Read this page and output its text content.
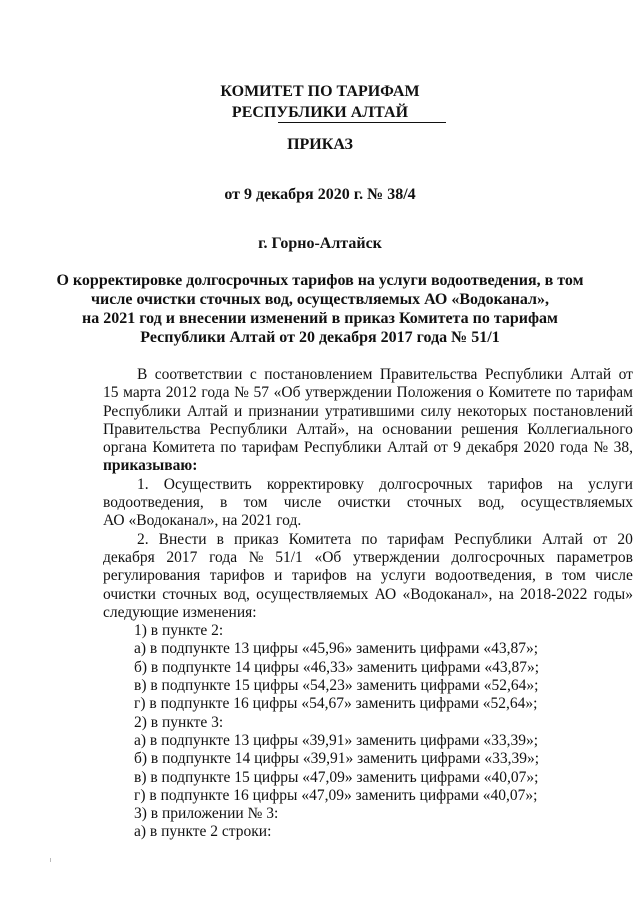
КОМИТЕТ ПО ТАРИФАМ
РЕСПУБЛИКИ АЛТАЙ
ПРИКАЗ
от 9 декабря 2020 г. № 38/4
г. Горно-Алтайск
О корректировке долгосрочных тарифов на услуги водоотведения, в том
числе очистки сточных вод, осуществляемых АО «Водоканал»,
на 2021 год и внесении изменений в приказ Комитета по тарифам
Республики Алтай от 20 декабря 2017 года № 51/1
В соответствии с постановлением Правительства Республики Алтай от
15 марта 2012 года № 57 «Об утверждении Положения о Комитете по тарифам
Республики Алтай и признании утратившими силу некоторых постановлений
Правительства Республики Алтай», на основании решения Коллегиального
органа Комитета по тарифам Республики Алтай от 9 декабря 2020 года № 38,
приказываю:
1. Осуществить корректировку долгосрочных тарифов на услуги
водоотведения, в том числе очистки сточных вод, осуществляемых
АО «Водоканал», на 2021 год.
2. Внести в приказ Комитета по тарифам Республики Алтай от 20
декабря 2017 года № 51/1 «Об утверждении долгосрочных параметров
регулирования тарифов и тарифов на услуги водоотведения, в том числе
очистки сточных вод, осуществляемых АО «Водоканал», на 2018-2022 годы»
следующие изменения:
1) в пункте 2:
а) в подпункте 13 цифры «45,96» заменить цифрами «43,87»;
б) в подпункте 14 цифры «46,33» заменить цифрами «43,87»;
в) в подпункте 15 цифры «54,23» заменить цифрами «52,64»;
г) в подпункте 16 цифры «54,67» заменить цифрами «52,64»;
2) в пункте 3:
а) в подпункте 13 цифры «39,91» заменить цифрами «33,39»;
б) в подпункте 14 цифры «39,91» заменить цифрами «33,39»;
в) в подпункте 15 цифры «47,09» заменить цифрами «40,07»;
г) в подпункте 16 цифры «47,09» заменить цифрами «40,07»;
3) в приложении № 3:
а) в пункте 2 строки:
